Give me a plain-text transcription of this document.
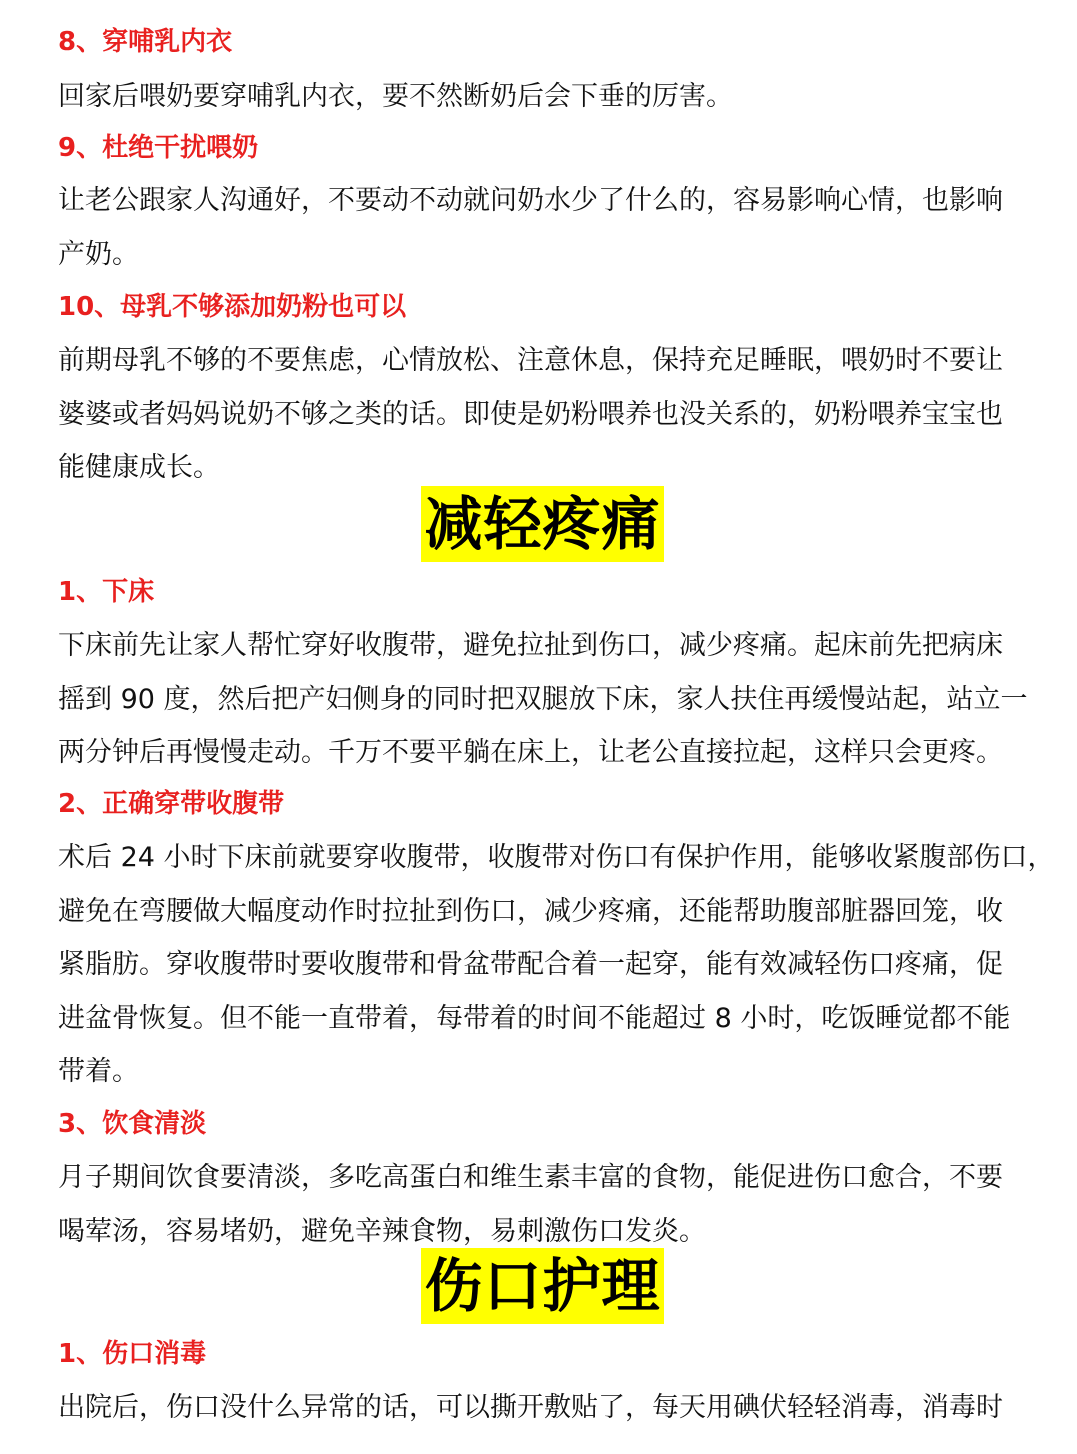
8、穿哺乳内衣
回家后喂奶要穿哺乳内衣，要不然断奶后会下垂的厉害。
9、杜绝干扰喂奶
让老公跟家人沟通好，不要动不动就问奶水少了什么的，容易影响心情，也影响
产奶。
10、母乳不够添加奶粉也可以
前期母乳不够的不要焦虑，心情放松、注意休息，保持充足睡眠，喂奶时不要让
婆婆或者妈妈说奶不够之类的话。即使是奶粉喂养也没关系的，奶粉喂养宝宝也
能健康成长。
减轻疼痛
1、下床
下床前先让家人帮忙穿好收腹带，避免拉扯到伤口，减少疼痛。起床前先把病床
摇到 90 度，然后把产妇侧身的同时把双腿放下床，家人扶住再缓慢站起，站立一
两分钟后再慢慢走动。千万不要平躺在床上，让老公直接拉起，这样只会更疼。
2、正确穿带收腹带
术后 24 小时下床前就要穿收腹带，收腹带对伤口有保护作用，能够收紧腹部伤口，
避免在弯腰做大幅度动作时拉扯到伤口，减少疼痛，还能帮助腹部脏器回笼，收
紧脂肪。穿收腹带时要收腹带和骨盆带配合着一起穿，能有效减轻伤口疼痛，促
进盆骨恢复。但不能一直带着，每带着的时间不能超过 8 小时，吃饭睡觉都不能
带着。
3、饮食清淡
月子期间饮食要清淡，多吃高蛋白和维生素丰富的食物，能促进伤口愈合，不要
喝荤汤，容易堵奶，避免辛辣食物，易刺激伤口发炎。
伤口护理
1、伤口消毒
出院后，伤口没什么异常的话，可以撕开敷贴了，每天用碘伏轻轻消毒，消毒时
